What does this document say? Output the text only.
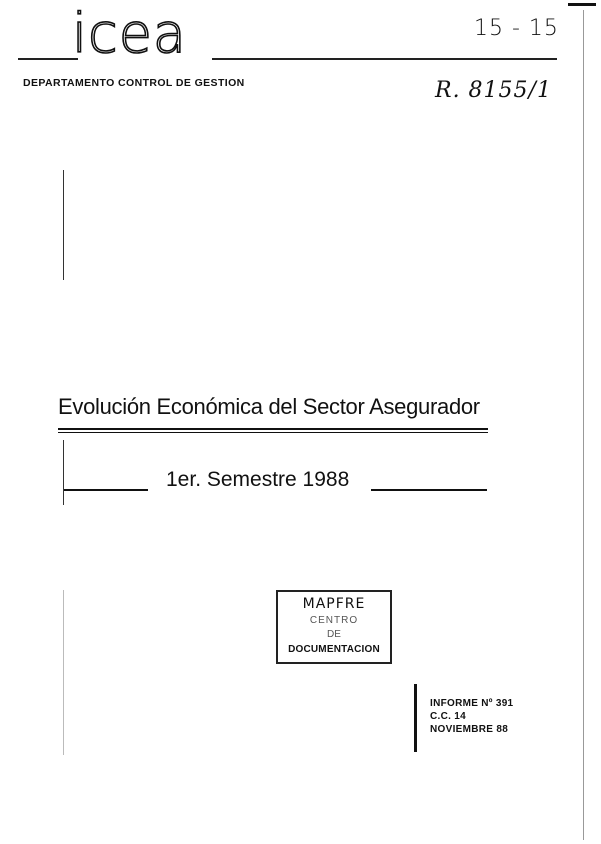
icea
DEPARTAMENTO CONTROL DE GESTION
15 - 15
R. 8155/1
Evolución Económica del Sector Asegurador
1er. Semestre 1988
MAPFRE
CENTRO
DE
DOCUMENTACION
INFORME Nº 391
C.C. 14
NOVIEMBRE 88
